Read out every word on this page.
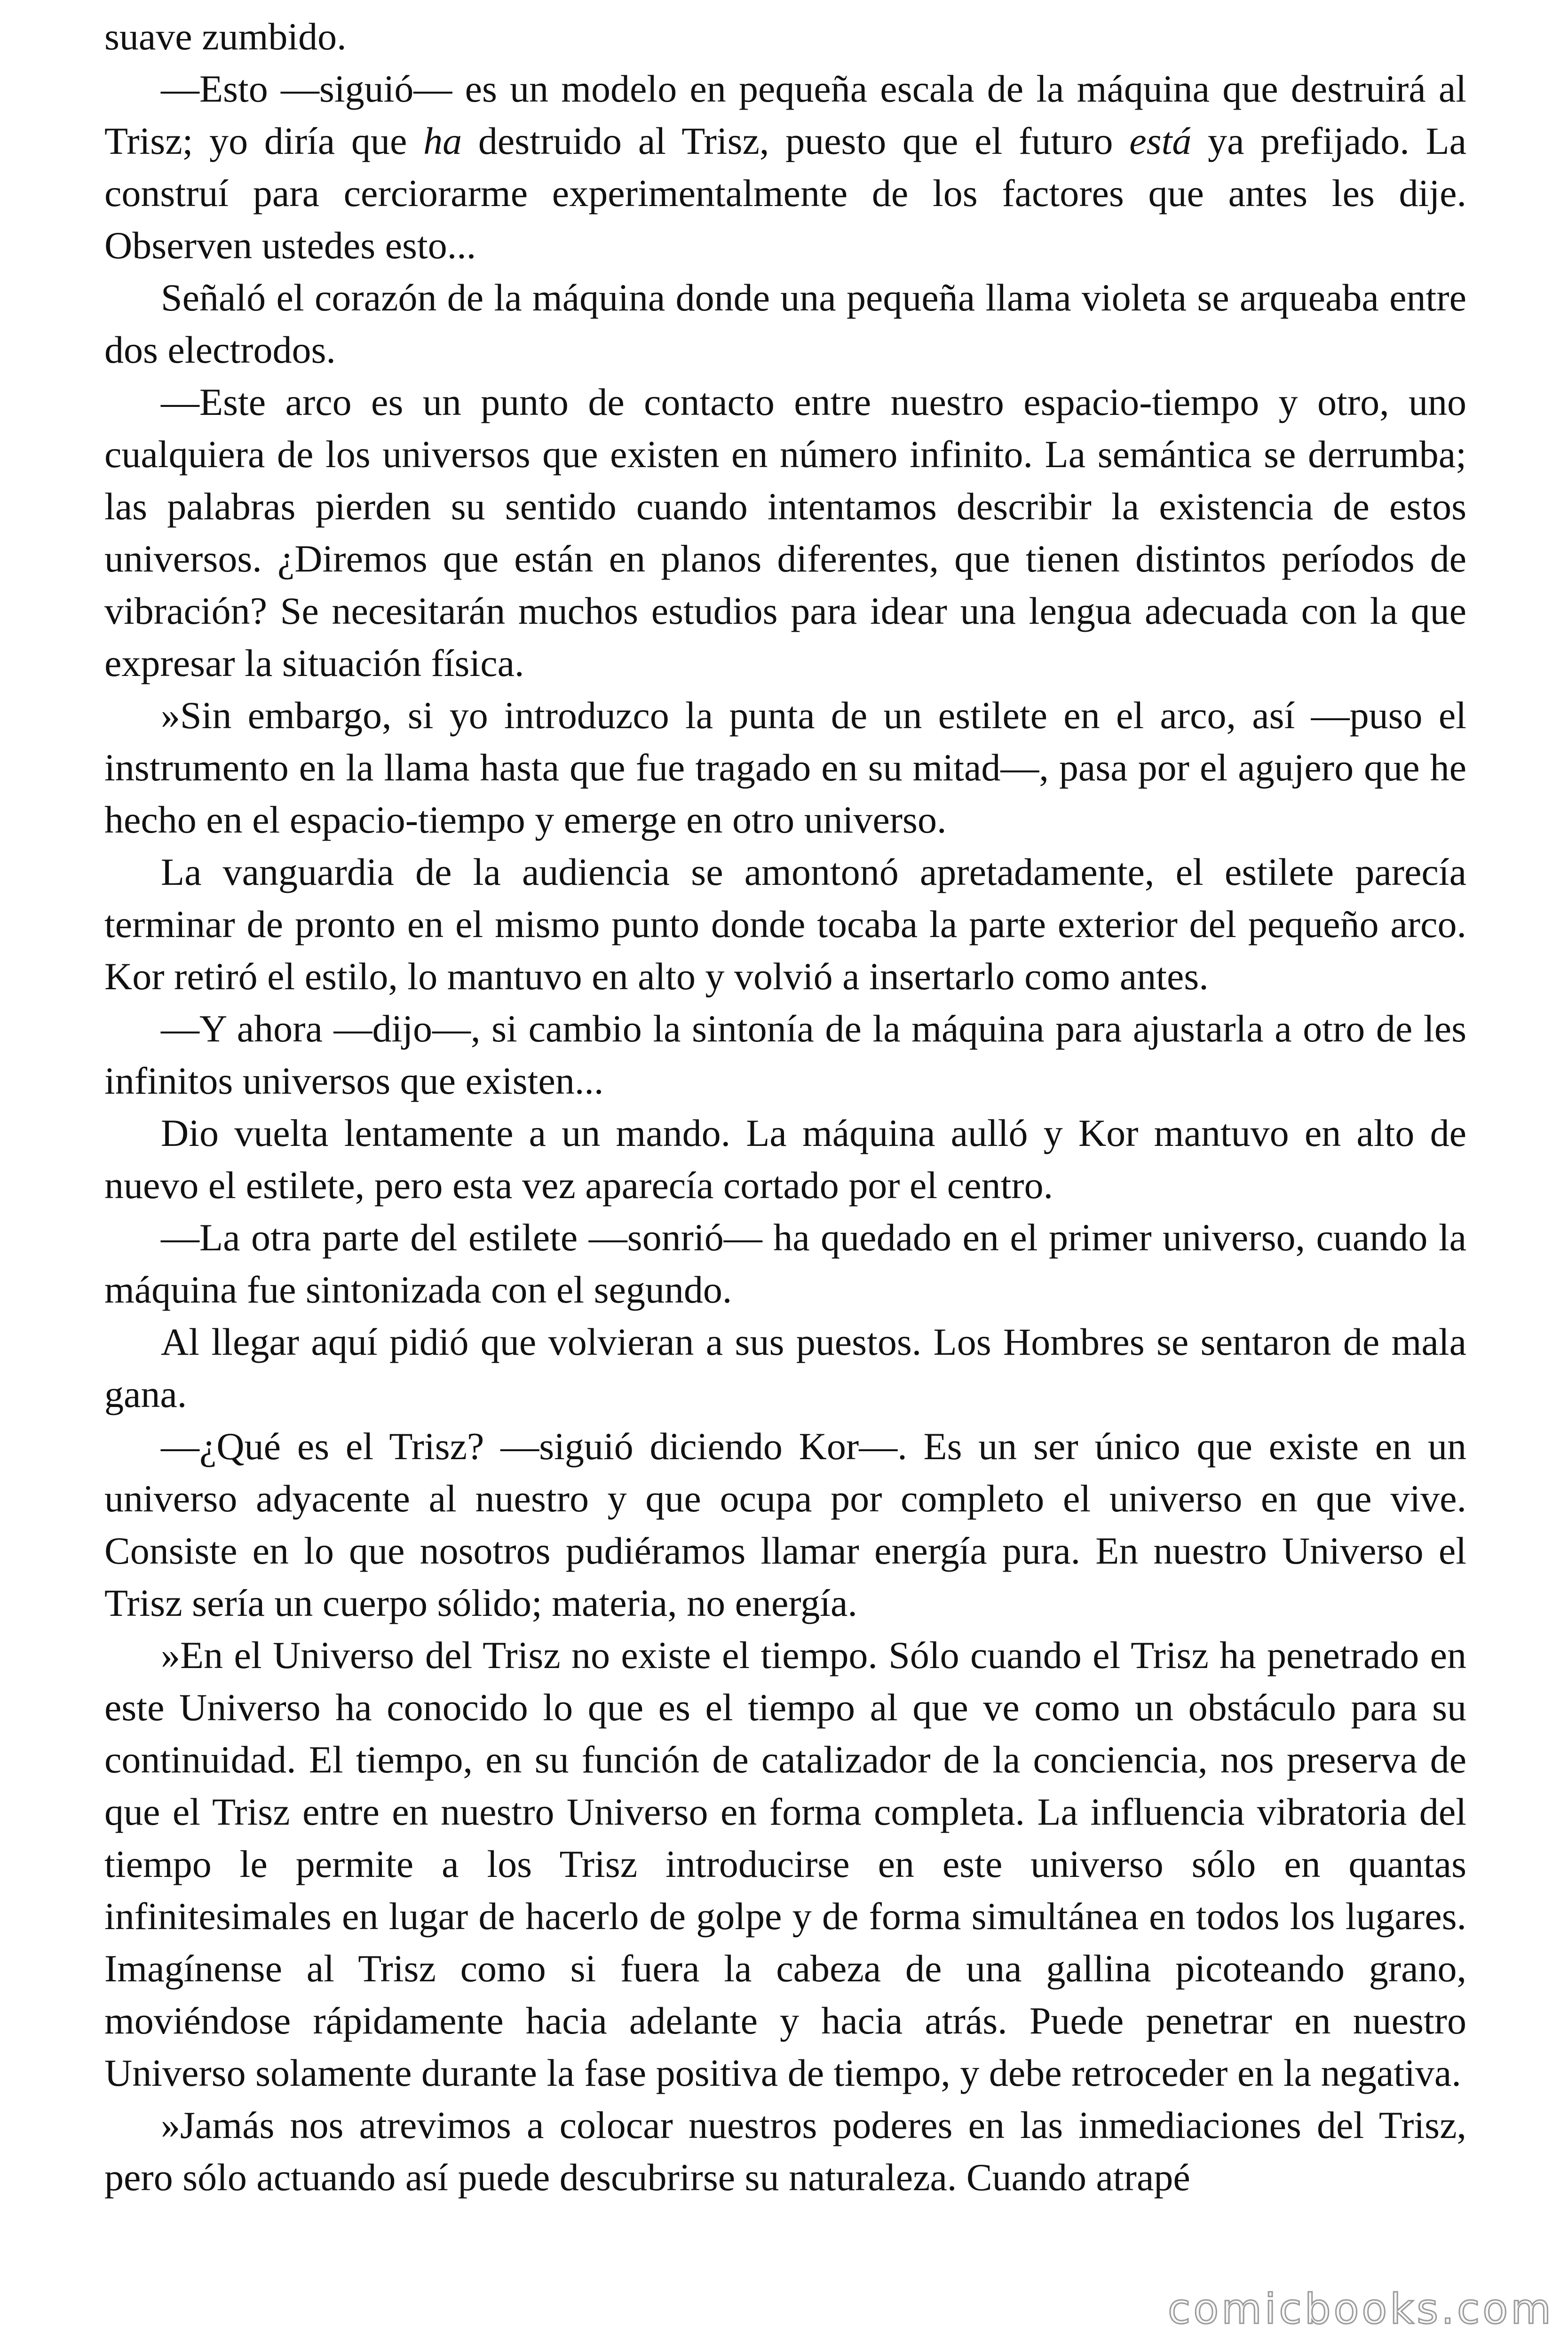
suave zumbido.

—Esto —siguió— es un modelo en pequeña escala de la máquina que destruirá al Trisz; yo diría que ha destruido al Trisz, puesto que el futuro está ya prefijado. La construí para cerciorarme experimentalmente de los factores que antes les dije. Observen ustedes esto...

Señaló el corazón de la máquina donde una pequeña llama violeta se arqueaba entre dos electrodos.

—Este arco es un punto de contacto entre nuestro espacio-tiempo y otro, uno cualquiera de los universos que existen en número infinito. La semántica se derrumba; las palabras pierden su sentido cuando intentamos describir la existencia de estos universos. ¿Diremos que están en planos diferentes, que tienen distintos períodos de vibración? Se necesitarán muchos estudios para idear una lengua adecuada con la que expresar la situación física.

»Sin embargo, si yo introduzco la punta de un estilete en el arco, así —puso el instrumento en la llama hasta que fue tragado en su mitad—, pasa por el agujero que he hecho en el espacio-tiempo y emerge en otro universo.

La vanguardia de la audiencia se amontonó apretadamente, el estilete parecía terminar de pronto en el mismo punto donde tocaba la parte exterior del pequeño arco. Kor retiró el estilo, lo mantuvo en alto y volvió a insertarlo como antes.

—Y ahora —dijo—, si cambio la sintonía de la máquina para ajustarla a otro de les infinitos universos que existen...

Dio vuelta lentamente a un mando. La máquina aulló y Kor mantuvo en alto de nuevo el estilete, pero esta vez aparecía cortado por el centro.

—La otra parte del estilete —sonrió— ha quedado en el primer universo, cuando la máquina fue sintonizada con el segundo.

Al llegar aquí pidió que volvieran a sus puestos. Los Hombres se sentaron de mala gana.

—¿Qué es el Trisz? —siguió diciendo Kor—. Es un ser único que existe en un universo adyacente al nuestro y que ocupa por completo el universo en que vive. Consiste en lo que nosotros pudiéramos llamar energía pura. En nuestro Universo el Trisz sería un cuerpo sólido; materia, no energía.

»En el Universo del Trisz no existe el tiempo. Sólo cuando el Trisz ha penetrado en este Universo ha conocido lo que es el tiempo al que ve como un obstáculo para su continuidad. El tiempo, en su función de catalizador de la conciencia, nos preserva de que el Trisz entre en nuestro Universo en forma completa. La influencia vibratoria del tiempo le permite a los Trisz introducirse en este universo sólo en quantas infinitesimales en lugar de hacerlo de golpe y de forma simultánea en todos los lugares. Imagínense al Trisz como si fuera la cabeza de una gallina picoteando grano, moviéndose rápidamente hacia adelante y hacia atrás. Puede penetrar en nuestro Universo solamente durante la fase positiva de tiempo, y debe retroceder en la negativa.

»Jamás nos atrevimos a colocar nuestros poderes en las inmediaciones del Trisz, pero sólo actuando así puede descubrirse su naturaleza. Cuando atrapé

comicbooks.com
